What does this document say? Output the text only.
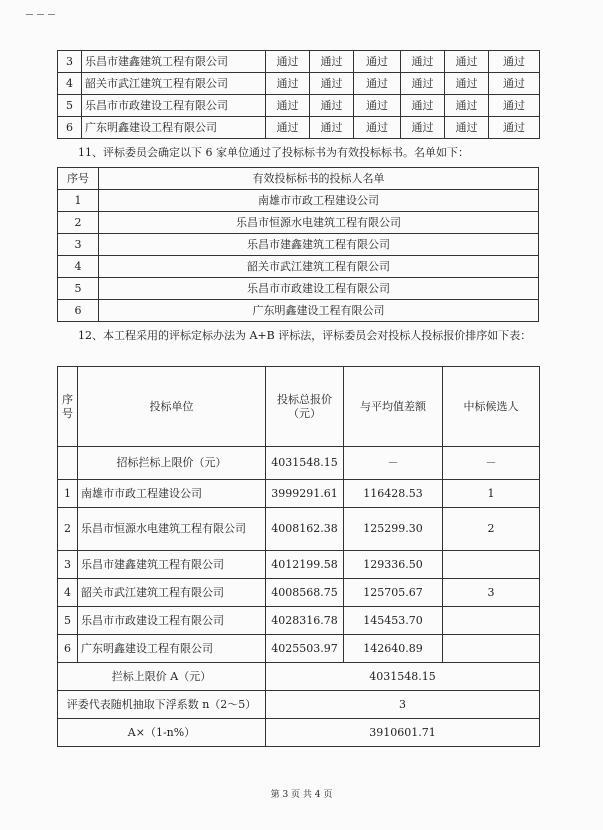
3	乐昌市建鑫建筑工程有限公司	通过	通过	通过	通过	通过	通过
4	韶关市武江建筑工程有限公司	通过	通过	通过	通过	通过	通过
5	乐昌市市政建设工程有限公司	通过	通过	通过	通过	通过	通过
6	广东明鑫建设工程有限公司	通过	通过	通过	通过	通过	通过
11、评标委员会确定以下 6 家单位通过了投标标书为有效投标标书。名单如下：
序号	有效投标标书的投标人名单
1	南雄市市政工程建设公司
2	乐昌市恒源水电建筑工程有限公司
3	乐昌市建鑫建筑工程有限公司
4	韶关市武江建筑工程有限公司
5	乐昌市市政建设工程有限公司
6	广东明鑫建设工程有限公司
12、本工程采用的评标定标办法为 A+B 评标法，评标委员会对投标人投标报价排序如下表：
序号	投标单位	投标总报价（元）	与平均值差额	中标候选人
	招标拦标上限价（元）	4031548.15	－	－
1	南雄市市政工程建设公司	3999291.61	116428.53	1
2	乐昌市恒源水电建筑工程有限公司	4008162.38	125299.30	2
3	乐昌市建鑫建筑工程有限公司	4012199.58	129336.50	
4	韶关市武江建筑工程有限公司	4008568.75	125705.67	3
5	乐昌市市政建设工程有限公司	4028316.78	145453.70	
6	广东明鑫建设工程有限公司	4025503.97	142640.89	
拦标上限价 A（元）		4031548.15		
评委代表随机抽取下浮系数 n（2～5）		3		
A×（1-n%）		3910601.71		
第 3 页 共 4 页
